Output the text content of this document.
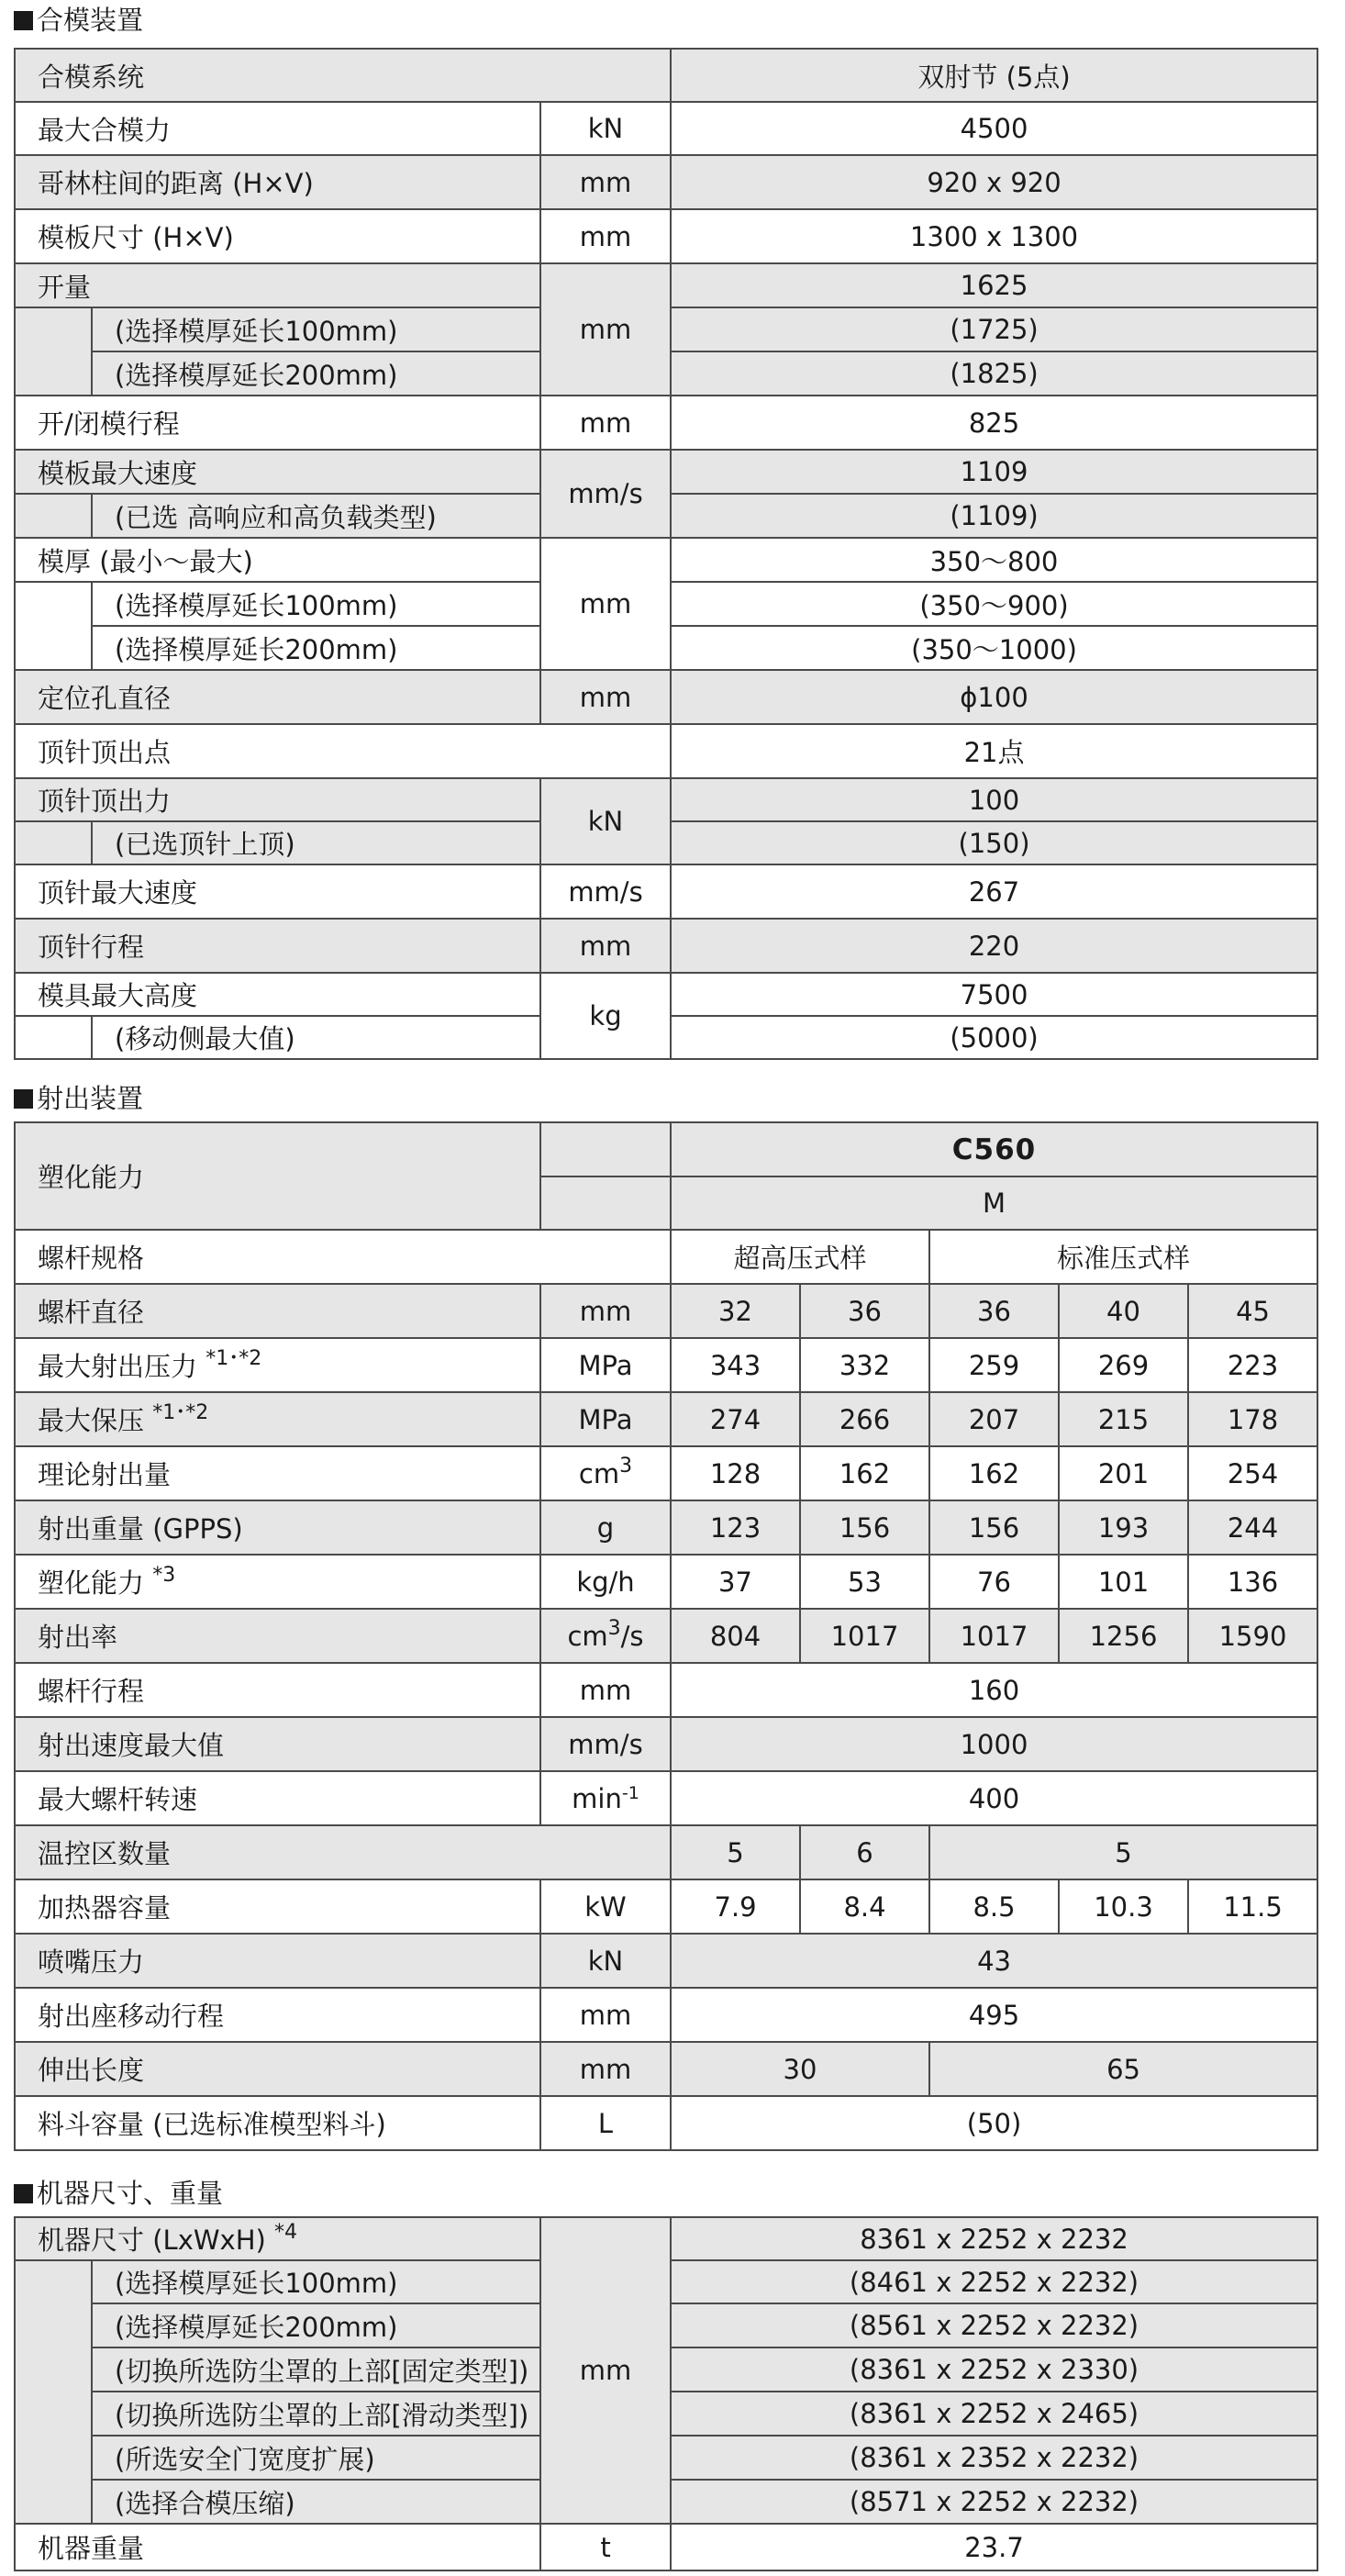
合模装置
合模系统			双肘节 (5点)
最大合模力		kN	4500
哥林柱间的距离 (H×V)		mm	920 x 920
模板尺寸 (H×V)		mm	1300 x 1300
开量		mm	1625
	(选择模厚延长100mm)		(1725)
	(选择模厚延长200mm)		(1825)
开/闭模行程		mm	825
模板最大速度		mm/s	1109
	(已选 高响应和高负载类型)		(1109)
模厚 (最小～最大)		mm	350～800
	(选择模厚延长100mm)		(350～900)
	(选择模厚延长200mm)		(350～1000)
定位孔直径		mm	ϕ100
顶针顶出点			21点
顶针顶出力		kN	100
	(已选顶针上顶)		(150)
顶针最大速度		mm/s	267
顶针行程		mm	220
模具最大高度		kg	7500
	(移动侧最大值)		(5000)
射出装置
塑化能力		C560				
		M				
螺杆规格		超高压式样		标准压式样		
螺杆直径	mm	32	36	36	40	45
最大射出压力 $^{*1･*2}$	MPa	343	332	259	269	223
最大保压 $^{*1･*2}$	MPa	274	266	207	215	178
理论射出量	$cm^3$	128	162	162	201	254
射出重量 (GPPS)	g	123	156	156	193	244
塑化能力 $^{*3}$	kg/h	37	53	76	101	136
射出率	$cm^3/s$	804	1017	1017	1256	1590
螺杆行程	mm	160				
射出速度最大值	mm/s	1000				
最大螺杆转速	$\min^{-1}$	400				
温控区数量		5	6	5		
加热器容量	kW	7.9	8.4	8.5	10.3	11.5
喷嘴压力	kN	43				
射出座移动行程	mm	495				
伸出长度	mm	30		65		
料斗容量 (已选标准模型料斗)	L	(50)				
机器尺寸、重量
机器尺寸 (LxWxH) $^{*4}$		mm	8361 x 2252 x 2232
	(选择模厚延长100mm)		(8461 x 2252 x 2232)
	(选择模厚延长200mm)		(8561 x 2252 x 2232)
	(切换所选防尘罩的上部[固定类型])		(8361 x 2252 x 2330)
	(切换所选防尘罩的上部[滑动类型])		(8361 x 2252 x 2465)
	(所选安全门宽度扩展)		(8361 x 2352 x 2232)
	(选择合模压缩)		(8571 x 2252 x 2232)
机器重量		t	23.7
